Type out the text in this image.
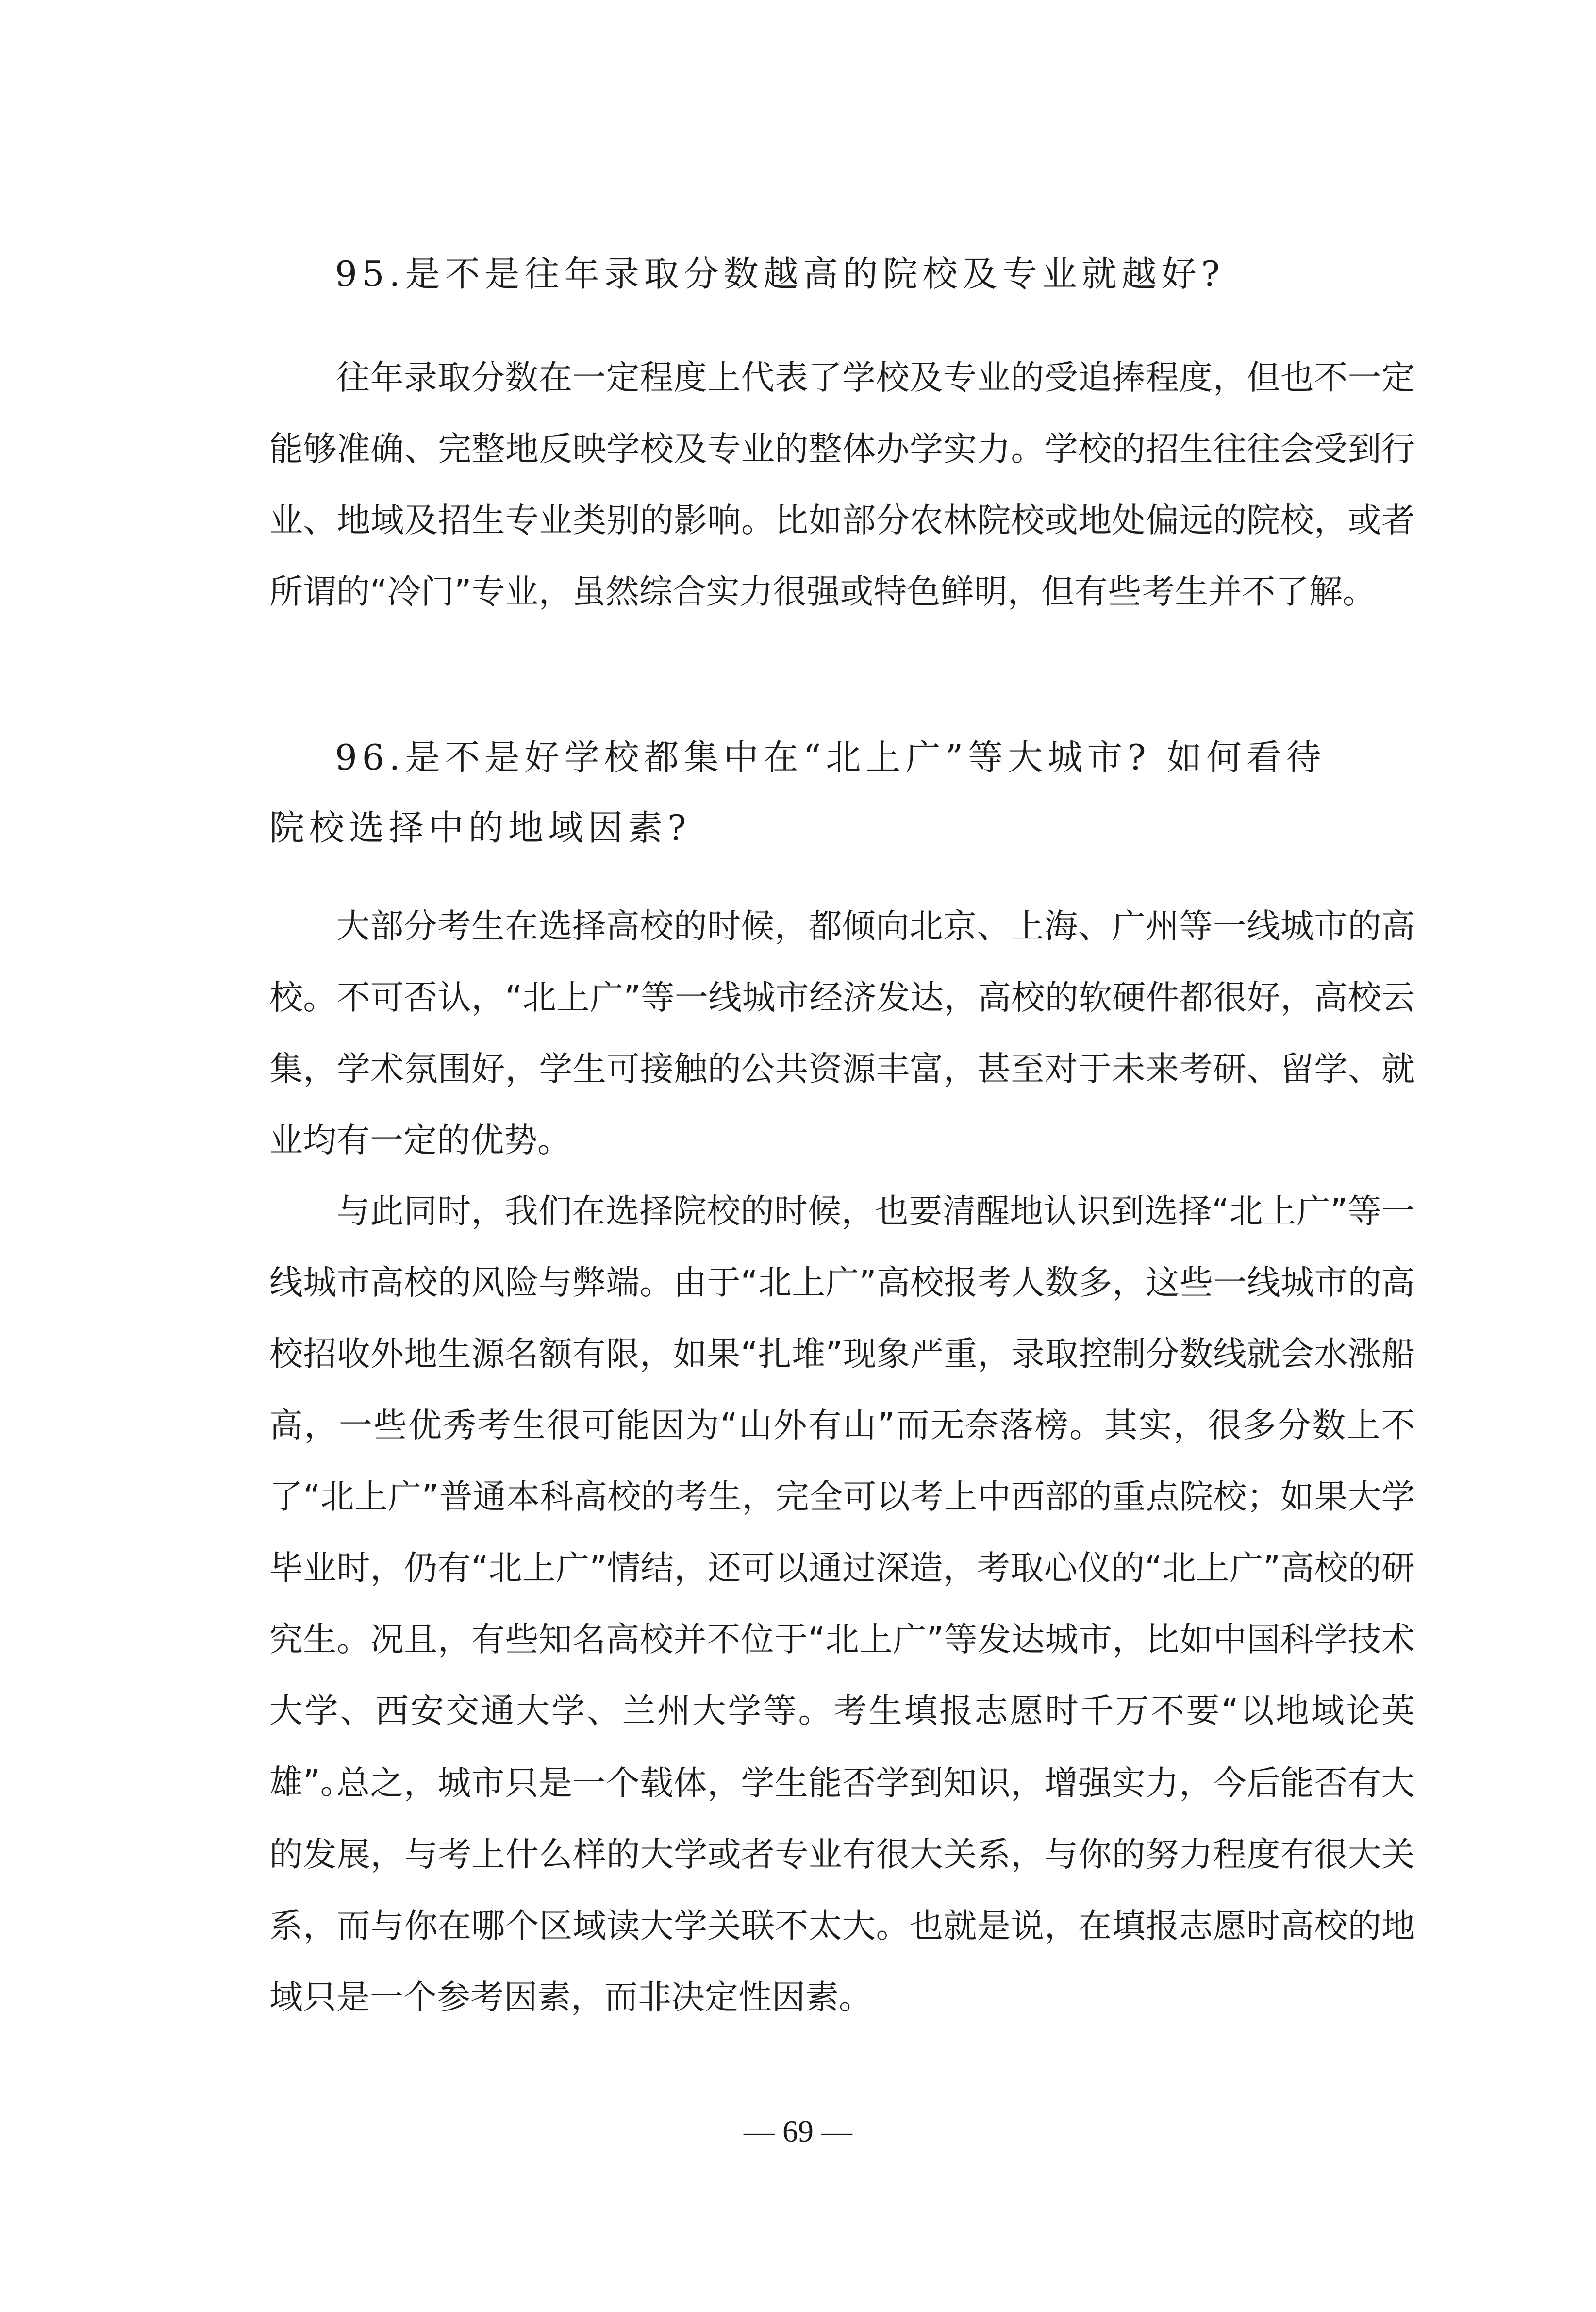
95.是不是往年录取分数越高的院校及专业就越好?

往年录取分数在一定程度上代表了学校及专业的受追捧程度，但也不一定能够准确、完整地反映学校及专业的整体办学实力。学校的招生往往会受到行业、地域及招生专业类别的影响。比如部分农林院校或地处偏远的院校，或者所谓的“冷门”专业，虽然综合实力很强或特色鲜明，但有些考生并不了解。

96.是不是好学校都集中在“北上广”等大城市? 如何看待
院校选择中的地域因素?

大部分考生在选择高校的时候，都倾向北京、上海、广州等一线城市的高校。不可否认，“北上广”等一线城市经济发达，高校的软硬件都很好，高校云集，学术氛围好，学生可接触的公共资源丰富，甚至对于未来考研、留学、就业均有一定的优势。

与此同时，我们在选择院校的时候，也要清醒地认识到选择“北上广”等一线城市高校的风险与弊端。由于“北上广”高校报考人数多，这些一线城市的高校招收外地生源名额有限，如果“扎堆”现象严重，录取控制分数线就会水涨船高，一些优秀考生很可能因为“山外有山”而无奈落榜。其实，很多分数上不了“北上广”普通本科高校的考生，完全可以考上中西部的重点院校；如果大学毕业时，仍有“北上广”情结，还可以通过深造，考取心仪的“北上广”高校的研究生。况且，有些知名高校并不位于“北上广”等发达城市，比如中国科学技术大学、西安交通大学、兰州大学等。考生填报志愿时千万不要“以地域论英雄”。

总之，城市只是一个载体，学生能否学到知识，增强实力，今后能否有大的发展，与考上什么样的大学或者专业有很大关系，与你的努力程度有很大关系，而与你在哪个区域读大学关联不太大。也就是说，在填报志愿时高校的地域只是一个参考因素，而非决定性因素。

— 69 —
